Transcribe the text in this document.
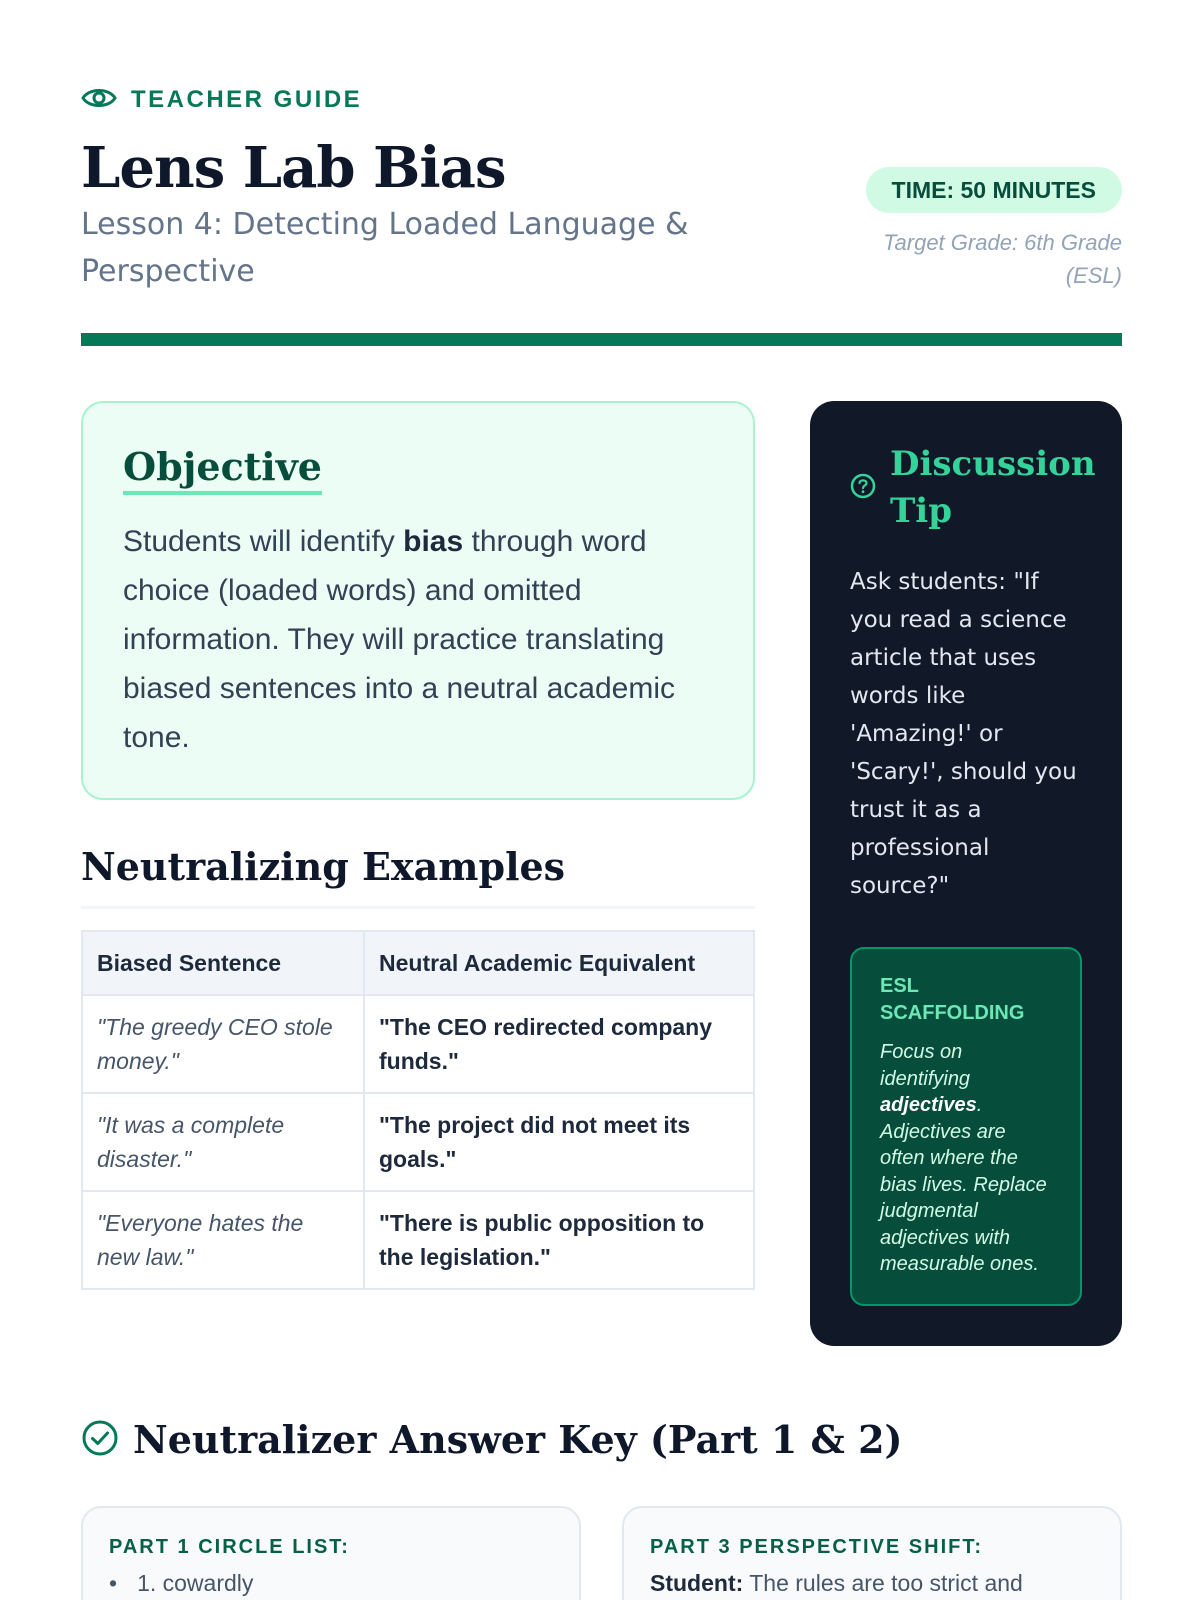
TEACHER GUIDE
Lens Lab Bias
Lesson 4: Detecting Loaded Language & Perspective
TIME: 50 MINUTES
Target Grade: 6th Grade (ESL)
Objective

Students will identify bias through word choice (loaded words) and omitted information. They will practice translating biased sentences into a neutral academic tone.

Neutralizing Examples
Biased Sentence	Neutral Academic Equivalent
"The greedy CEO stole money."	"The CEO redirected company funds."
"It was a complete disaster."	"The project did not meet its goals."
"Everyone hates the new law."	"There is public opposition to the legislation."
Discussion Tip

Ask students: "If you read a science article that uses words like 'Amazing!' or 'Scary!', should you trust it as a professional source?"

ESL SCAFFOLDING
Focus on identifying adjectives. Adjectives are often where the bias lives. Replace judgmental adjectives with measurable ones.
Neutralizer Answer Key (Part 1 & 2)
PART 1 CIRCLE LIST:
• 1. cowardly
PART 3 PERSPECTIVE SHIFT:
Student: The rules are too strict and
